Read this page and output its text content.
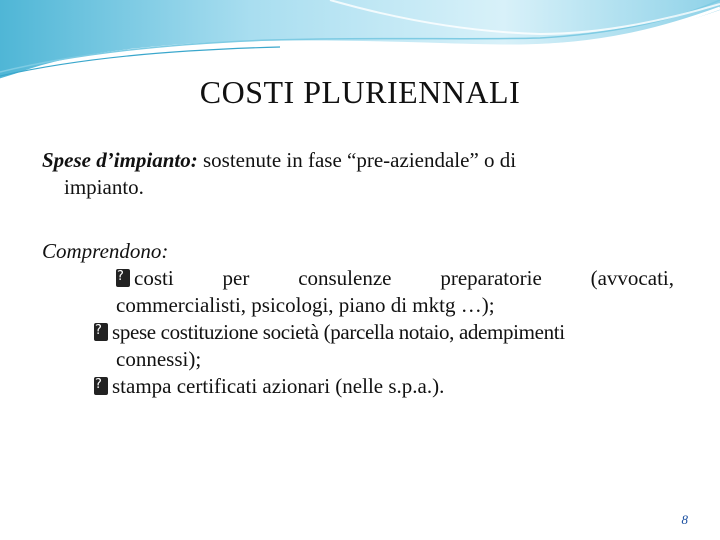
COSTI PLURIENNALI
Spese d’impianto: sostenute in fase “pre-aziendale” o di
impianto.
Comprendono:
?costi per consulenze preparatorie (avvocati,
commercialisti, psicologi, piano di mktg …);
?spese costituzione società (parcella notaio, adempimenti
connessi);
?stampa certificati azionari (nelle s.p.a.).
8
